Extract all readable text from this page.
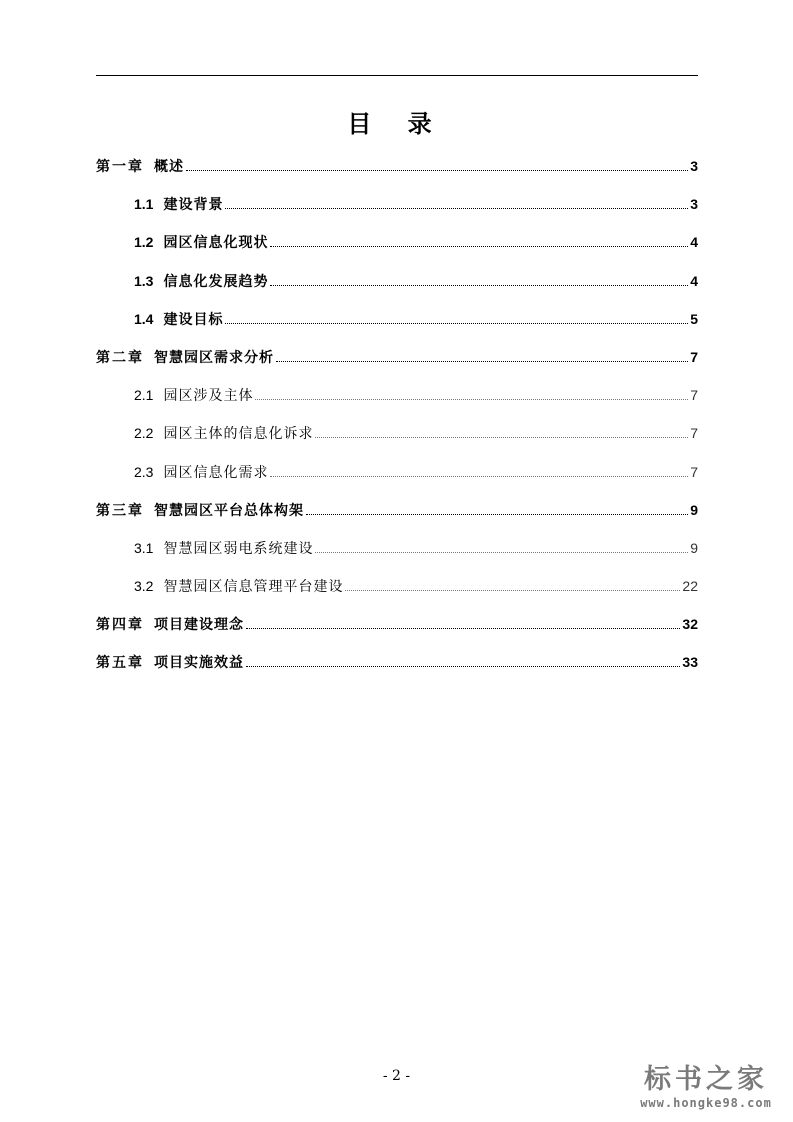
目 录
第一章 概述	3
1.1 建设背景	3
1.2 园区信息化现状	4
1.3 信息化发展趋势	4
1.4 建设目标	5
第二章 智慧园区需求分析	7
2.1 园区涉及主体	7
2.2 园区主体的信息化诉求	7
2.3 园区信息化需求	7
第三章 智慧园区平台总体构架	9
3.1 智慧园区弱电系统建设	9
3.2 智慧园区信息管理平台建设	22
第四章 项目建设理念	32
第五章 项目实施效益	33
- 2 -	标书之家
www.hongke98.com
